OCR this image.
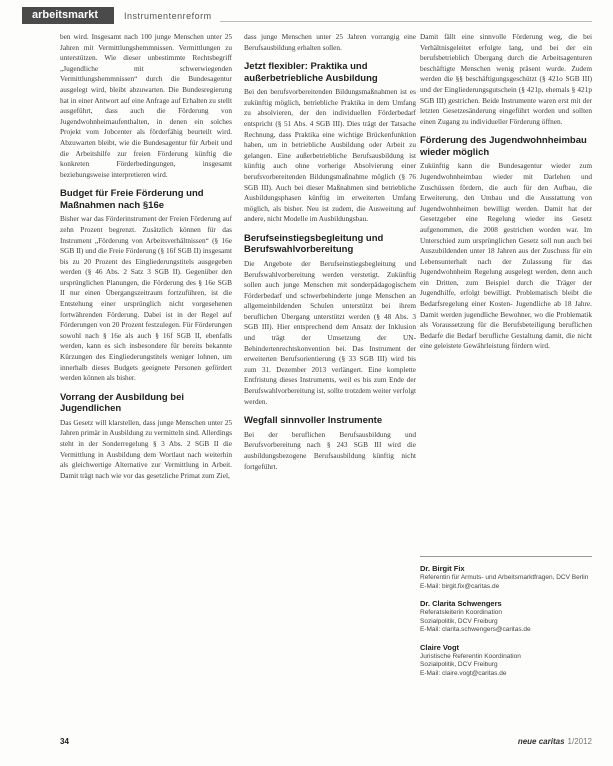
arbeitsmarkt	Instrumentenreform

ben wird. Insgesamt nach 100 junge Menschen unter 25 Jahren mit Vermittlungshemmnissen. Vermittlungen zu unterstützen. Wie dieser unbestimmte Rechtsbegriff „Jugendliche mit schwerwiegenden Vermittlungshemmnissen“ durch die Bundesagentur ausgelegt wird, bleibt abzuwarten. Die Bundesregierung hat in einer Antwort auf eine Anfrage auf Erhalten zu stellt ausgeführt, dass auch die Förderung von Jugendwohnheimaufenthalten, in denen ein solches Projekt vom Jobcenter als förderfähig beurteilt wird. Abzuwarten bleibt, wie die Bundesagentur für Arbeit und die Arbeitshilfe zur freien Förderung künftig die konkreten Förderbedingungen, insgesamt beziehungsweise interpretieren wird.

Budget für Freie Förderung und Maßnahmen nach §16e

Bisher war das Förderinstrument der Freien Förderung auf zehn Prozent begrenzt. Zusätzlich können für das Instrument „Förderung von Arbeitsverhältnissen“ (§ 16e SGB II) und die Freie Förderung (§ 16f SGB II) insgesamt bis zu 20 Prozent des Eingliederungstitels ausgegeben werden (§ 46 Abs. 2 Satz 3 SGB II). Gegenüber den ursprünglichen Planungen, die Förderung des § 16e SGB II nur einen Übergangszeitraum fortzuführen, ist die Entstehung einer ursprünglich nicht vorgesehenen fortwährenden Förderung. Dabei ist in der Regel auf Förderungen von 20 Prozent festzulegen. Für Förderungen sowohl nach § 16e als auch § 16f SGB II, ebenfalls werden, kann es sich insbesondere für bereits bekannte Kürzungen des Eingliederungstitels weniger lohnen, um innerhalb dieses Budgets geeignete Personen gefördert werden können als bisher.

Vorrang der Ausbildung bei Jugendlichen

Das Gesetz will klarstellen, dass junge Menschen unter 25 Jahren primär in Ausbildung zu vermitteln sind. Allerdings steht in der Sonderregelung § 3 Abs. 2 SGB II die Vermittlung in Ausbildung dem Wortlaut nach weiterhin als gleichwertige Alternative zur Vermittlung in Arbeit. Damit trägt nach wie vor das gesetzliche Primat zum Ziel,

dass junge Menschen unter 25 Jahren vorrangig eine Berufsausbildung erhalten sollen.

Jetzt flexibler: Praktika und außerbetriebliche Ausbildung

Bei den berufsvorbereitenden Bildungsmaßnahmen ist es zukünftig möglich, betriebliche Praktika in dem Umfang zu absolvieren, der den individuellen Förderbedarf entspricht (§ 51 Abs. 4 SGB III). Dies trägt der Tatsache Rechnung, dass Praktika eine wichtige Brückenfunktion haben, um in betriebliche Ausbildung oder Arbeit zu gelangen. Eine außerbetriebliche Berufsausbildung ist künftig auch ohne vorherige Absolvierung einer berufsvorbereitenden Bildungsmaßnahme möglich (§ 76 SGB III). Auch bei dieser Maßnahmen sind betriebliche Ausbildungsphasen künftig im erweiterten Umfang möglich, als bisher. Neu ist zudem, die Ausweitung auf andere, nicht Modelle im Ausbildungsbau.

Berufseinstiegsbegleitung und Berufswahlvorbereitung

Die Angebote der Berufseinstiegsbegleitung und Berufswahlvorbereitung werden verstetigt. Zukünftig sollen auch junge Menschen mit sonderpädagogischem Förderbedarf und schwerbehinderte junge Menschen an allgemeinbildenden Schulen unterstützt bei ihrem beruflichen Übergang unterstützt werden (§ 48 Abs. 3 SGB III). Hier entsprechend dem Ansatz der Inklusion und trägt der Umsetzung der UN-Behindertenrechtskonvention bei. Das Instrument der erweiterten Berufsorientierung (§ 33 SGB III) wird bis zum 31. Dezember 2013 verlängert. Eine komplette Entfristung dieses Instruments, weil es bis zum Ende der Berufswahlvorbereitung ist, sollte trotzdem weiter verfolgt werden.

Wegfall sinnvoller Instrumente

Bei der beruflichen Berufsausbildung und Berufsvorbereitung nach § 243 SGB III wird die ausbildungsbezogene Berufsausbildung künftig nicht fortgeführt.

Damit fällt eine sinnvolle Förderung weg, die bei Verhältnisgeleitet erfolgte lang, und bei der ein berufsbetrieblich Übergang durch die Arbeitsagenturen beschäftigte Menschen wenig präsent wurde. Zudem werden die §§ beschäftigungsgeschützt (§ 421o SGB III) und der Eingliederungsgutschein (§ 421p, ehemals § 421p SGB III) gestrichen. Beide Instrumente waren erst mit der letzten Gesetzesänderung eingeführt worden und sollten einen Zugang zu individueller Förderung öffnen.

Förderung des Jugendwohnheimbau wieder möglich

Zukünftig kann die Bundesagentur wieder zum Jugendwohnheimbau wieder mit Darlehen und Zuschüssen fördern, die auch für den Aufbau, die Erweiterung, den Umbau und die Ausstattung von Jugendwohnheimen bewilligt werden. Damit hat der Gesetzgeber eine Regelung wieder ins Gesetz aufgenommen, die 2008 gestrichen worden war. Im Unterschied zum ursprünglichen Gesetz soll nun auch bei Auszubildenden unter 18 Jahren aus der Zuschuss für ein Lebensunterhalt nach der Zulassung für das Jugendwohnheim Regelung ausgelegt werden, denn auch ein Dritten, zum Beispiel durch die Träger der Jugendhilfe, erfolgt bewilligt. Problematisch bleibt die Bedarfsregelung einer Kosten- Jugendliche ab 18 Jahre. Damit werden jugendliche Bewohner, wo die Problematik als Voraussetzung für die Berufsbeteiligung beruflichen Bedarfe die Bedarf berufliche Gestaltung damit, die nicht eine geleistete Gewährleistung fördern wird.

Dr. Birgit Fix
Referentin für Armuts- und Arbeitsmarktfragen, DCV Berlin
E-Mail: birgit.fix@caritas.de
Dr. Clarita Schwengers
Referatsleiterin Koordination
Sozialpolitik, DCV Freiburg
E-Mail: clarita.schwengers@caritas.de
Claire Vogt
Juristische Referentin Koordination
Sozialpolitik, DCV Freiburg
E-Mail: claire.vogt@caritas.de
34	neue caritas 1/2012
